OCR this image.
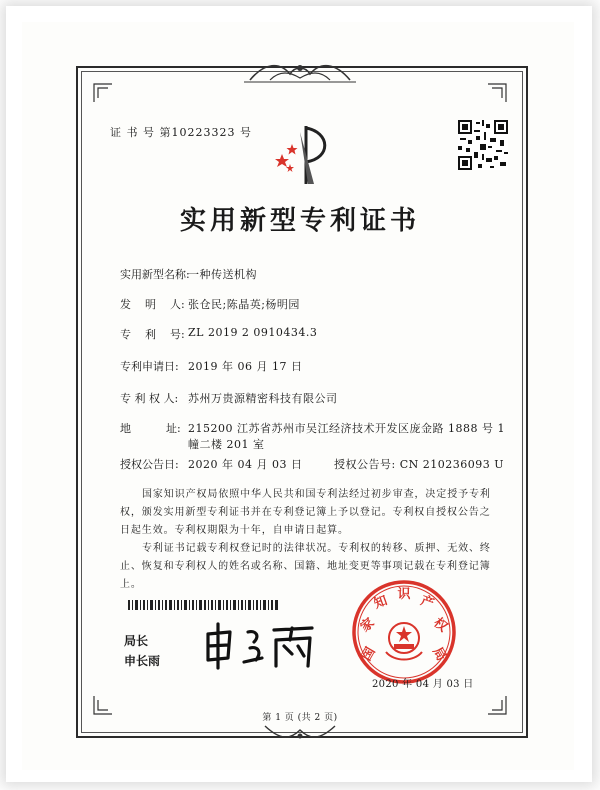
证 书 号 第10223323 号
实用新型专利证书
实用新型名称:
一种传送机构
发    明    人: 张仓民;陈晶英;杨明园
专    利    号: ZL 2019 2 0910434.3
专利申请日: 2019 年 06 月 17 日
专 利 权 人: 苏州万贵源精密科技有限公司
地          址: 215200 江苏省苏州市吴江经济技术开发区庞金路 1888 号 1
幢二楼 201 室
授权公告日: 2020 年 04 月 03 日	授权公告号: CN 210236093 U
国家知识产权局依照中华人民共和国专利法经过初步审查，决定授予专利权，颁发实用新型专利证书并在专利登记簿上予以登记。专利权自授权公告之日起生效。专利权期限为十年，自申请日起算。
专利证书记载专利权登记时的法律状况。专利权的转移、质押、无效、终止、恢复和专利权人的姓名或名称、国籍、地址变更等事项记载在专利登记簿上。
局长
申长雨	国
家
知 识 产
权
局
2020 年 04 月 03 日
第 1 页 (共 2 页)
